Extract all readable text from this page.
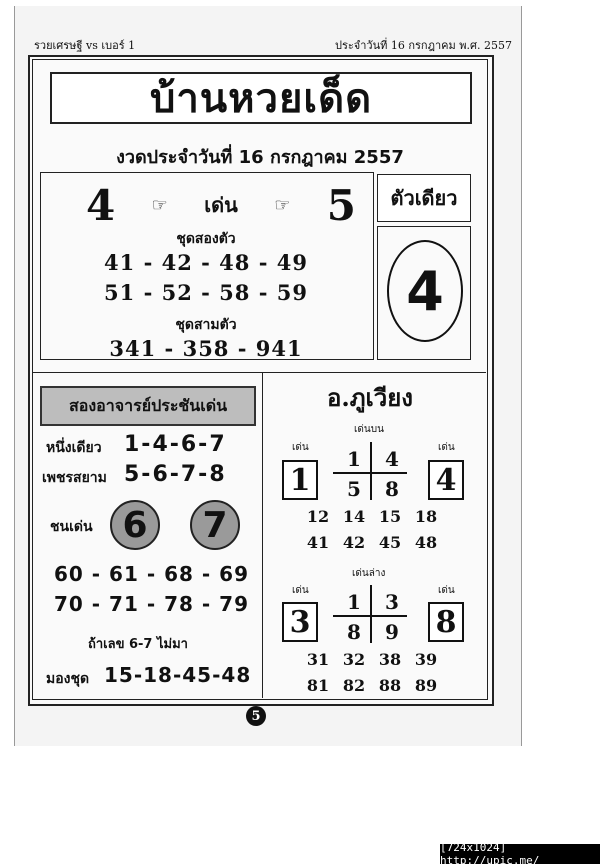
รวยเศรษฐี vs เบอร์ 1	ประจำวันที่ 16 กรกฎาคม พ.ศ. 2557
บ้านหวยเด็ด
งวดประจำวันที่ 16 กรกฎาคม 2557
4 ☞ เด่น ☞ 5
ชุดสองตัว
41 - 42 - 48 - 49
51 - 52 - 58 - 59
ชุดสามตัว
341 - 358 - 941
ตัวเดียว
4
สองอาจารย์ประชันเด่น
หนึ่งเดียว 1-4-6-7
เพชรสยาม 5-6-7-8
ชนเด่น 6	7
60 - 61 - 68 - 69
70 - 71 - 78 - 79
ถ้าเลข 6-7 ไม่มา
มองชุด 15-18-45-48
อ.ภูเวียง
เด่นบน
เด่น
1
เด่น
4
1	4
5	8
12 14 15 18
41 42 45 48
เด่นล่าง
เด่น
3
เด่น
8
1	3
8	9
31 32 38 39
81 82 88 89
5
[724x1024] http://upic.me/
